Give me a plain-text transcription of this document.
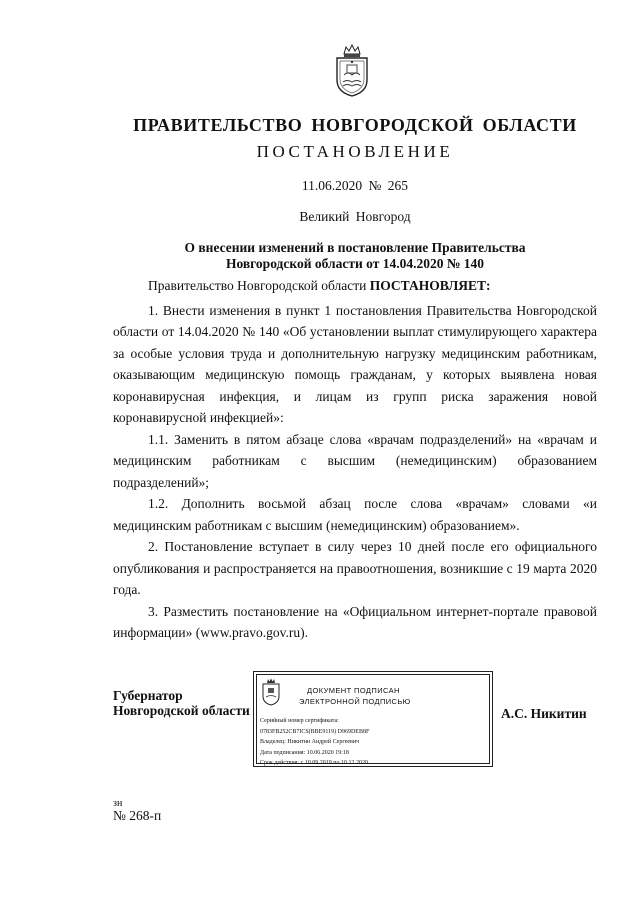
ПРАВИТЕЛЬСТВО НОВГОРОДСКОЙ ОБЛАСТИ
ПОСТАНОВЛЕНИЕ
11.06.2020 № 265
Великий Новгород
О внесении изменений в постановление Правительства
Новгородской области от 14.04.2020 № 140

Правительство Новгородской области ПОСТАНОВЛЯЕТ:

1. Внести изменения в пункт 1 постановления Правительства Новгородской области от 14.04.2020 № 140 «Об установлении выплат стимулирующего характера за особые условия труда и дополнительную нагрузку медицинским работникам, оказывающим медицинскую помощь гражданам, у которых выявлена новая коронавирусная инфекция, и лицам из групп риска заражения новой коронавирусной инфекцией»:

1.1. Заменить в пятом абзаце слова «врачам подразделений» на «врачам и медицинским работникам с высшим (немедицинским) образованием подразделений»;

1.2. Дополнить восьмой абзац после слова «врачам» словами «и медицинским работникам с высшим (немедицинским) образованием».

2. Постановление вступает в силу через 10 дней после его официального опубликования и распространяется на правоотношения, возникшие с 19 марта 2020 года.

3. Разместить постановление на «Официальном интернет-портале правовой информации» (www.pravo.gov.ru).

Губернатор
Новгородской области
ДОКУМЕНТ ПОДПИСАН
ЭЛЕКТРОННОЙ ПОДПИСЬЮ
Серийный номер сертификата:
0783FB252CB7ICS(BBE9119) D969DEB8F
Владелец: Никитин Андрей Сергеевич
Дата подписания: 10.06.2020 19:18
Срок действия: с 10.09.2019 по 10.12.2020
А.С. Никитин
зн
№ 268-п
